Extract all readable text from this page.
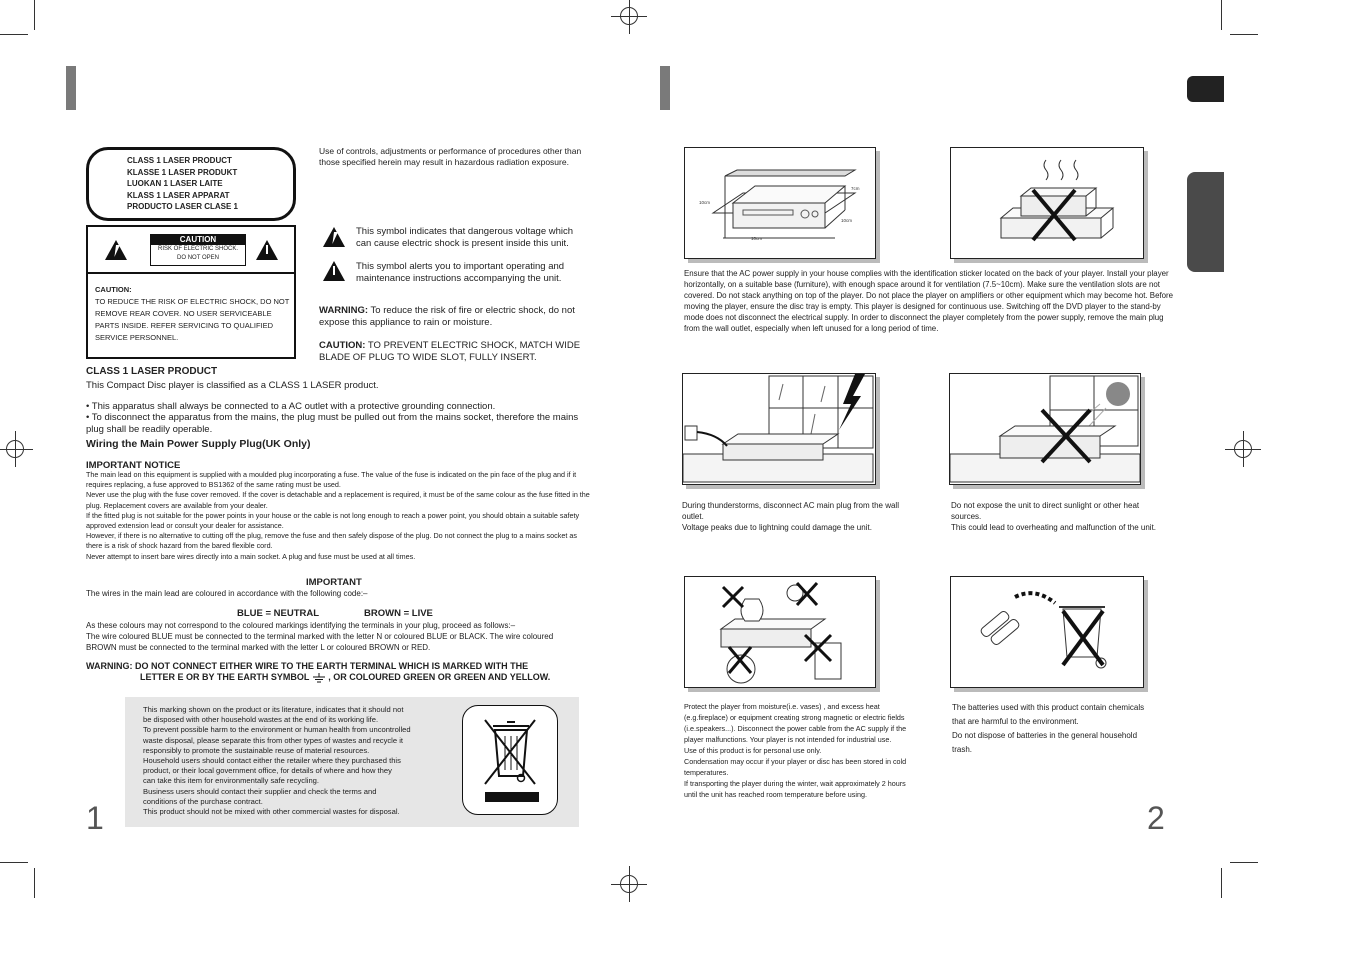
CLASS 1 LASER PRODUCT
KLASSE 1 LASER PRODUKT
LUOKAN 1 LASER LAITE
KLASS 1 LASER APPARAT
PRODUCTO LASER CLASE 1
CAUTION
RISK OF ELECTRIC SHOCK.
DO NOT OPEN
CAUTION:
TO REDUCE THE RISK OF ELECTRIC SHOCK, DO NOT REMOVE REAR COVER. NO USER SERVICEABLE PARTS INSIDE. REFER SERVICING TO QUALIFIED SERVICE PERSONNEL.
Use of controls, adjustments or performance of procedures other than those specified herein may result in hazardous radiation exposure.
This symbol indicates that dangerous voltage which can cause electric shock is present inside this unit.
This symbol alerts you to important operating and maintenance instructions accompanying the unit.
WARNING: To reduce the risk of fire or electric shock, do not expose this appliance to rain or moisture.
CAUTION: TO PREVENT ELECTRIC SHOCK, MATCH WIDE BLADE OF PLUG TO WIDE SLOT, FULLY INSERT.
CLASS 1 LASER PRODUCT
This Compact Disc player is classified as a CLASS 1 LASER product.
• This apparatus shall always be connected to a AC outlet with a protective grounding connection.
• To disconnect the apparatus from the mains, the plug must be pulled out from the mains socket, therefore the mains plug shall be readily operable.
Wiring the Main Power Supply Plug(UK Only)
IMPORTANT NOTICE
The main lead on this equipment is supplied with a moulded plug incorporating a fuse. The value of the fuse is indicated on the pin face of the plug and if it requires replacing, a fuse approved to BS1362 of the same rating must be used.
Never use the plug with the fuse cover removed. If the cover is detachable and a replacement is required, it must be of the same colour as the fuse fitted in the plug. Replacement covers are available from your dealer.
If the fitted plug is not suitable for the power points in your house or the cable is not long enough to reach a power point, you should obtain a suitable safety approved extension lead or consult your dealer for assistance.
However, if there is no alternative to cutting off the plug, remove the fuse and then safely dispose of the plug. Do not connect the plug to a mains socket as there is a risk of shock hazard from the bared flexible cord.
Never attempt to insert bare wires directly into a main socket. A plug and fuse must be used at all times.
IMPORTANT
The wires in the main lead are coloured in accordance with the following code:–
BLUE = NEUTRAL	BROWN = LIVE
As these colours may not correspond to the coloured markings identifying the terminals in your plug, proceed as follows:–
The wire coloured BLUE must be connected to the terminal marked with the letter N or coloured BLUE or BLACK. The wire coloured BROWN must be connected to the terminal marked with the letter L or coloured BROWN or RED.
WARNING: DO NOT CONNECT EITHER WIRE TO THE EARTH TERMINAL WHICH IS MARKED WITH THE
LETTER E OR BY THE EARTH SYMBOL , OR COLOURED GREEN OR GREEN AND YELLOW.
This marking shown on the product or its literature, indicates that it should not
be disposed with other household wastes at the end of its working life.
To prevent possible harm to the environment or human health from uncontrolled
waste disposal, please separate this from other types of wastes and recycle it
responsibly to promote the sustainable reuse of material resources.
Household users should contact either the retailer where they purchased this
product, or their local government office, for details of where and how they
can take this item for environmentally safe recycling.
Business users should contact their supplier and check the terms and
conditions of the purchase contract.
This product should not be mixed with other commercial wastes for disposal.
1
10cm
7cm
10cm
10cm
Ensure that the AC power supply in your house complies with the identification sticker located on the back of your player. Install your player horizontally, on a suitable base (furniture), with enough space around it for ventilation (7.5~10cm). Make sure the ventilation slots are not covered. Do not stack anything on top of the player. Do not place the player on amplifiers or other equipment which may become hot. Before moving the player, ensure the disc tray is empty. This player is designed for continuous use. Switching off the DVD player to the stand-by mode does not disconnect the electrical supply. In order to disconnect the player completely from the power supply, remove the main plug from the wall outlet, especially when left unused for a long period of time.
During thunderstorms, disconnect AC main plug from the wall outlet.
Voltage peaks due to lightning could damage the unit.
Do not expose the unit to direct sunlight or other heat sources.
This could lead to overheating and malfunction of the unit.
Protect the player from moisture(i.e. vases) , and excess heat (e.g.fireplace) or equipment creating strong magnetic or electric fields (i.e.speakers...). Disconnect the power cable from the AC supply if the player malfunctions. Your player is not intended for industrial use.
Use of this product is for personal use only.
Condensation may occur if your player or disc has been stored in cold temperatures.
If transporting the player during the winter, wait approximately 2 hours until the unit has reached room temperature before using.
The batteries used with this product contain chemicals that are harmful to the environment.
Do not dispose of batteries in the general household trash.
2
